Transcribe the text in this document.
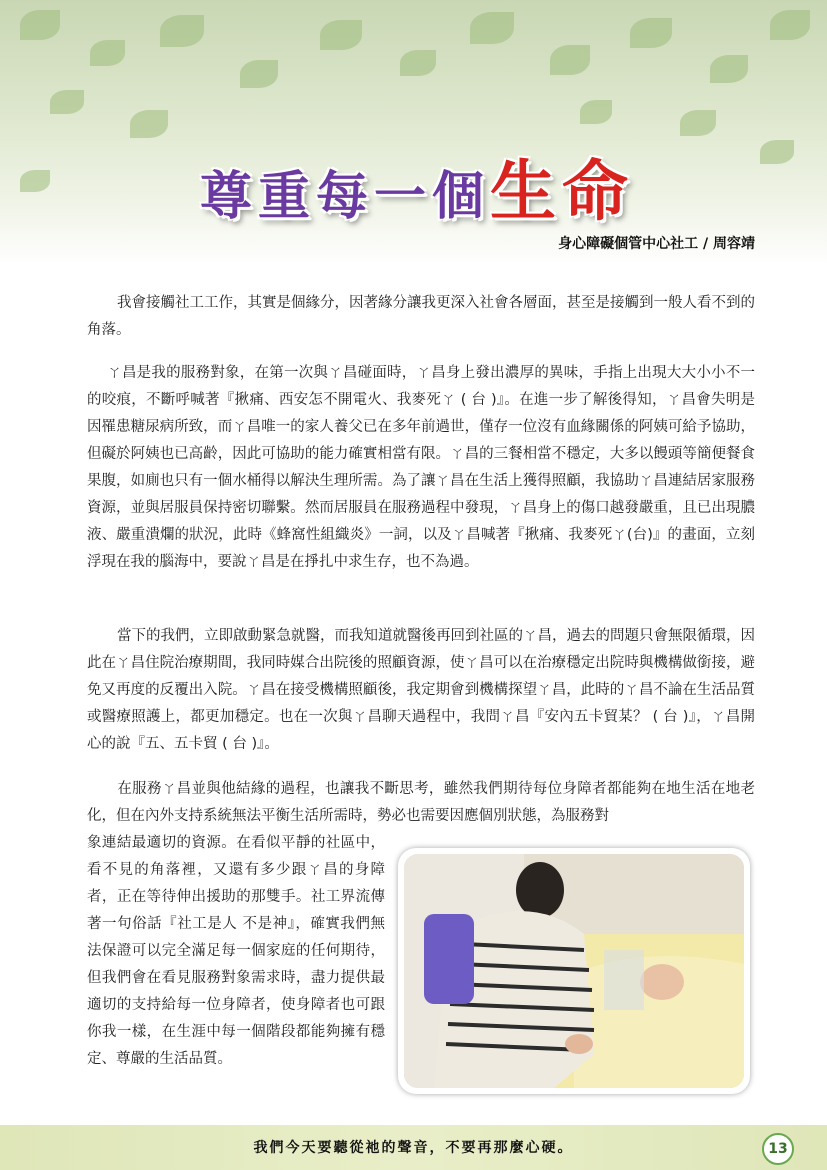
尊重每一個生命
身心障礙個管中心社工 / 周容靖
我會接觸社工工作，其實是個緣分，因著緣分讓我更深入社會各層面，甚至是接觸到一般人看不到的角落。
ㄚ昌是我的服務對象，在第一次與ㄚ昌碰面時，ㄚ昌身上發出濃厚的異味，手指上出現大大小小不一的咬痕，不斷呼喊著『揪痛、西安怎不開電火、我麥死ㄚ ( 台 )』。在進一步了解後得知，ㄚ昌會失明是因罹患糖尿病所致，而ㄚ昌唯一的家人養父已在多年前過世，僅存一位沒有血緣關係的阿姨可給予協助，但礙於阿姨也已高齡，因此可協助的能力確實相當有限。ㄚ昌的三餐相當不穩定，大多以饅頭等簡便餐食果腹，如廁也只有一個水桶得以解決生理所需。為了讓ㄚ昌在生活上獲得照顧，我協助ㄚ昌連結居家服務資源，並與居服員保持密切聯繫。然而居服員在服務過程中發現，ㄚ昌身上的傷口越發嚴重，且已出現膿液、嚴重潰爛的狀況，此時《蜂窩性組織炎》一詞，以及ㄚ昌喊著『揪痛、我麥死ㄚ(台)』的畫面，立刻浮現在我的腦海中，要說ㄚ昌是在掙扎中求生存，也不為過。
當下的我們，立即啟動緊急就醫，而我知道就醫後再回到社區的ㄚ昌，過去的問題只會無限循環，因此在ㄚ昌住院治療期間，我同時媒合出院後的照顧資源，使ㄚ昌可以在治療穩定出院時與機構做銜接，避免又再度的反覆出入院。ㄚ昌在接受機構照顧後，我定期會到機構探望ㄚ昌，此時的ㄚ昌不論在生活品質或醫療照護上，都更加穩定。也在一次與ㄚ昌聊天過程中，我問ㄚ昌『安內五卡貿某？ ( 台 )』，ㄚ昌開心的說『五、五卡貿 ( 台 )』。
在服務ㄚ昌並與他結緣的過程，也讓我不斷思考，雖然我們期待每位身障者都能夠在地生活在地老化，但在內外支持系統無法平衡生活所需時，勢必也需要因應個別狀態，為服務對
象連結最適切的資源。在看似平靜的社區中，看不見的角落裡，又還有多少跟ㄚ昌的身障者，正在等待伸出援助的那雙手。社工界流傳著一句俗話『社工是人 不是神』，確實我們無法保證可以完全滿足每一個家庭的任何期待，但我們會在看見服務對象需求時，盡力提供最適切的支持給每一位身障者，使身障者也可跟你我一樣，在生涯中每一個階段都能夠擁有穩定、尊嚴的生活品質。
我們今天要聽從祂的聲音，不要再那麼心硬。	13
